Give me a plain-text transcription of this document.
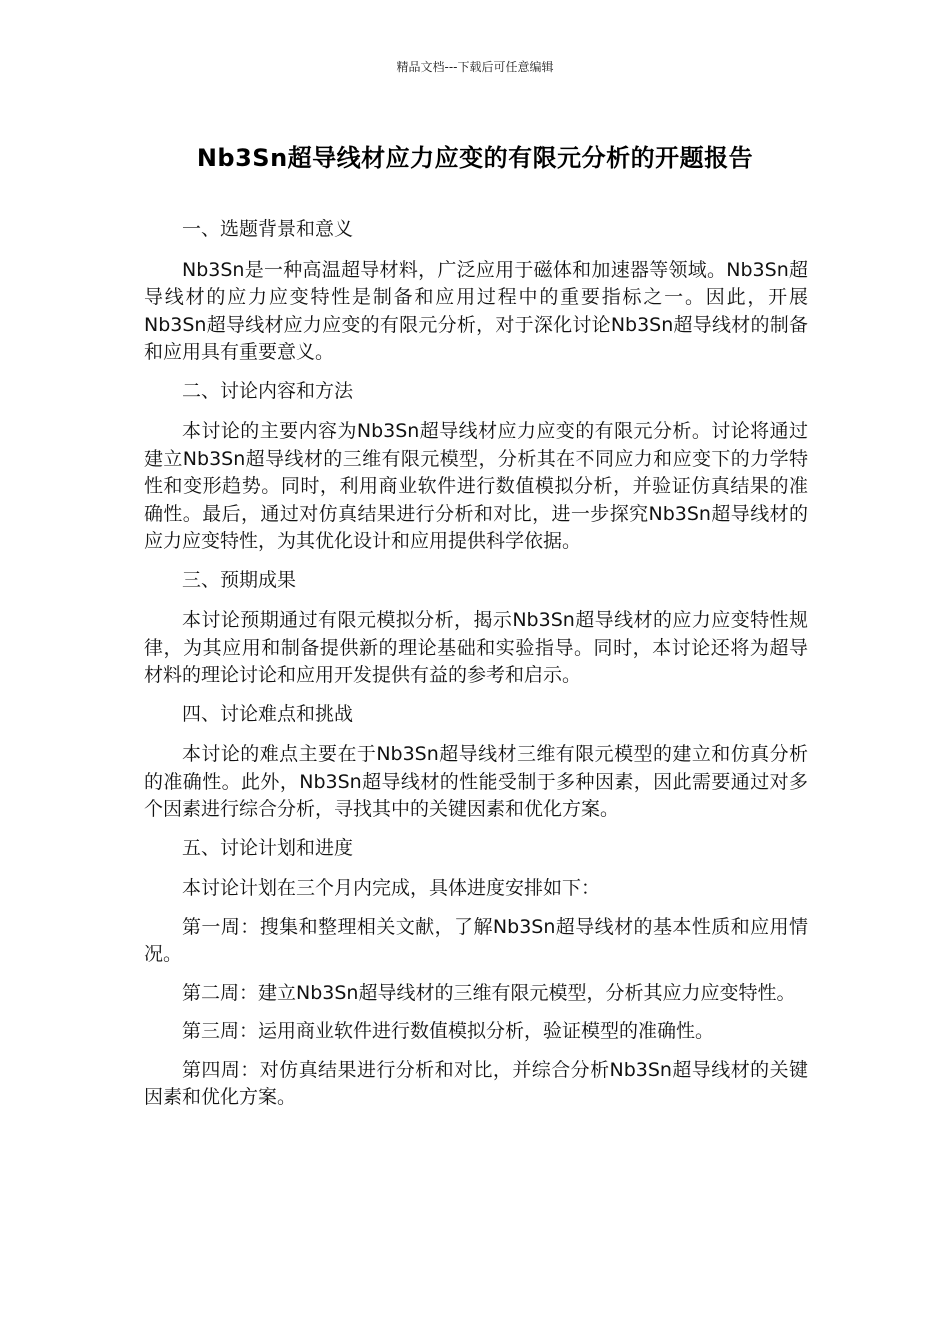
精品文档---下载后可任意编辑
Nb3Sn超导线材应力应变的有限元分析的开题报告

一、选题背景和意义

Nb3Sn是一种高温超导材料，广泛应用于磁体和加速器等领域。Nb3Sn超导线材的应力应变特性是制备和应用过程中的重要指标之一。因此，开展Nb3Sn超导线材应力应变的有限元分析，对于深化讨论Nb3Sn超导线材的制备和应用具有重要意义。

二、讨论内容和方法

本讨论的主要内容为Nb3Sn超导线材应力应变的有限元分析。讨论将通过建立Nb3Sn超导线材的三维有限元模型，分析其在不同应力和应变下的力学特性和变形趋势。同时，利用商业软件进行数值模拟分析，并验证仿真结果的准确性。最后，通过对仿真结果进行分析和对比，进一步探究Nb3Sn超导线材的应力应变特性，为其优化设计和应用提供科学依据。

三、预期成果

本讨论预期通过有限元模拟分析，揭示Nb3Sn超导线材的应力应变特性规律，为其应用和制备提供新的理论基础和实验指导。同时，本讨论还将为超导材料的理论讨论和应用开发提供有益的参考和启示。

四、讨论难点和挑战

本讨论的难点主要在于Nb3Sn超导线材三维有限元模型的建立和仿真分析的准确性。此外，Nb3Sn超导线材的性能受制于多种因素，因此需要通过对多个因素进行综合分析，寻找其中的关键因素和优化方案。

五、讨论计划和进度

本讨论计划在三个月内完成，具体进度安排如下：

第一周：搜集和整理相关文献，了解Nb3Sn超导线材的基本性质和应用情况。

第二周：建立Nb3Sn超导线材的三维有限元模型，分析其应力应变特性。

第三周：运用商业软件进行数值模拟分析，验证模型的准确性。

第四周：对仿真结果进行分析和对比，并综合分析Nb3Sn超导线材的关键因素和优化方案。
